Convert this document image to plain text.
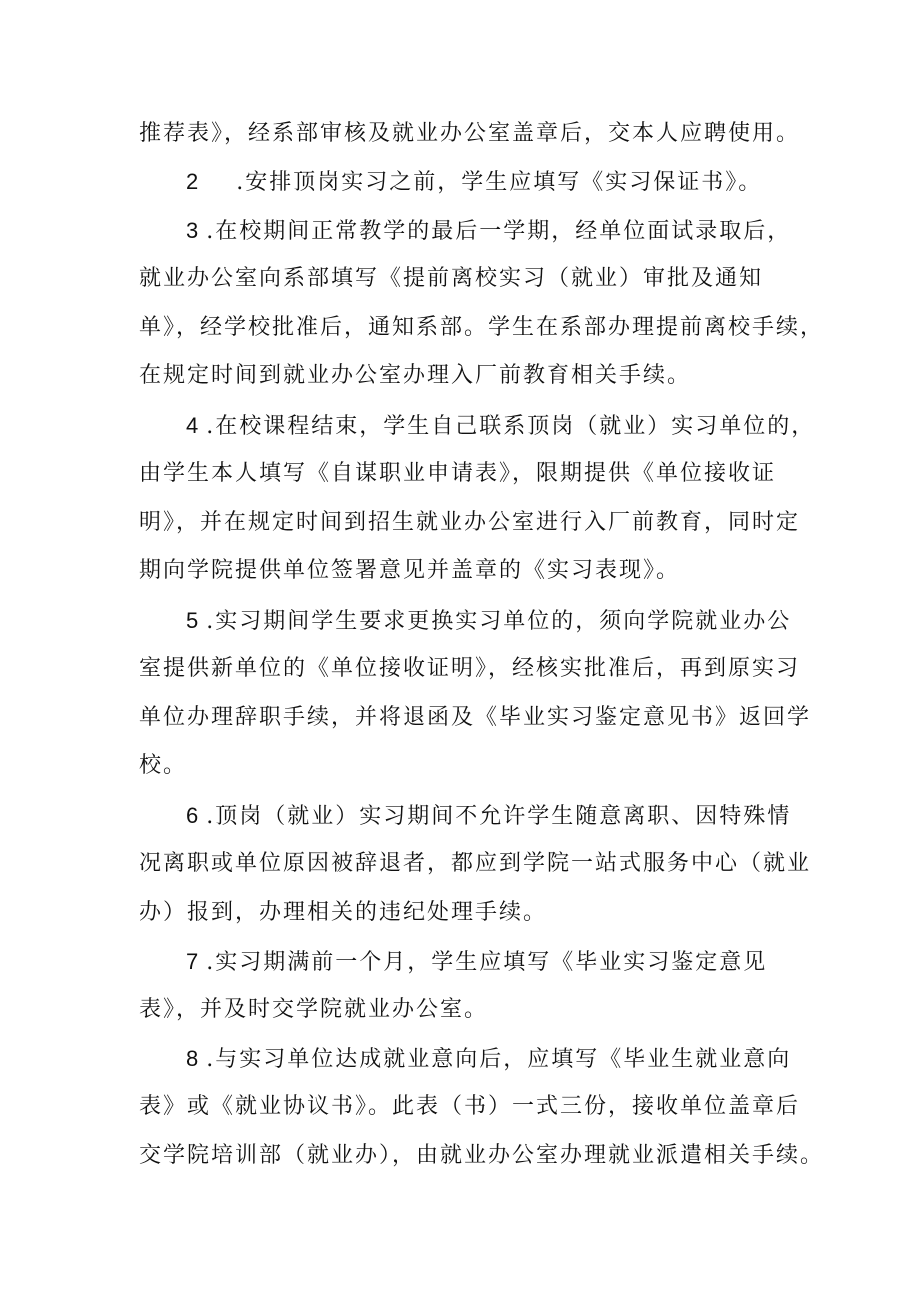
推荐表》，经系部审核及就业办公室盖章后，交本人应聘使用。
2 .安排顶岗实习之前，学生应填写《实习保证书》。
3 .在校期间正常教学的最后一学期，经单位面试录取后，
就业办公室向系部填写《提前离校实习（就业）审批及通知
单》，经学校批准后，通知系部。学生在系部办理提前离校手续，
在规定时间到就业办公室办理入厂前教育相关手续。
4 .在校课程结束，学生自己联系顶岗（就业）实习单位的，
由学生本人填写《自谋职业申请表》，限期提供《单位接收证
明》，并在规定时间到招生就业办公室进行入厂前教育，同时定
期向学院提供单位签署意见并盖章的《实习表现》。
5 .实习期间学生要求更换实习单位的，须向学院就业办公
室提供新单位的《单位接收证明》，经核实批准后，再到原实习
单位办理辞职手续，并将退函及《毕业实习鉴定意见书》返回学
校。
6 .顶岗（就业）实习期间不允许学生随意离职、因特殊情
况离职或单位原因被辞退者，都应到学院一站式服务中心（就业
办）报到，办理相关的违纪处理手续。
7 .实习期满前一个月，学生应填写《毕业实习鉴定意见
表》，并及时交学院就业办公室。
8 .与实习单位达成就业意向后，应填写《毕业生就业意向
表》或《就业协议书》。此表（书）一式三份，接收单位盖章后
交学院培训部（就业办），由就业办公室办理就业派遣相关手续。
